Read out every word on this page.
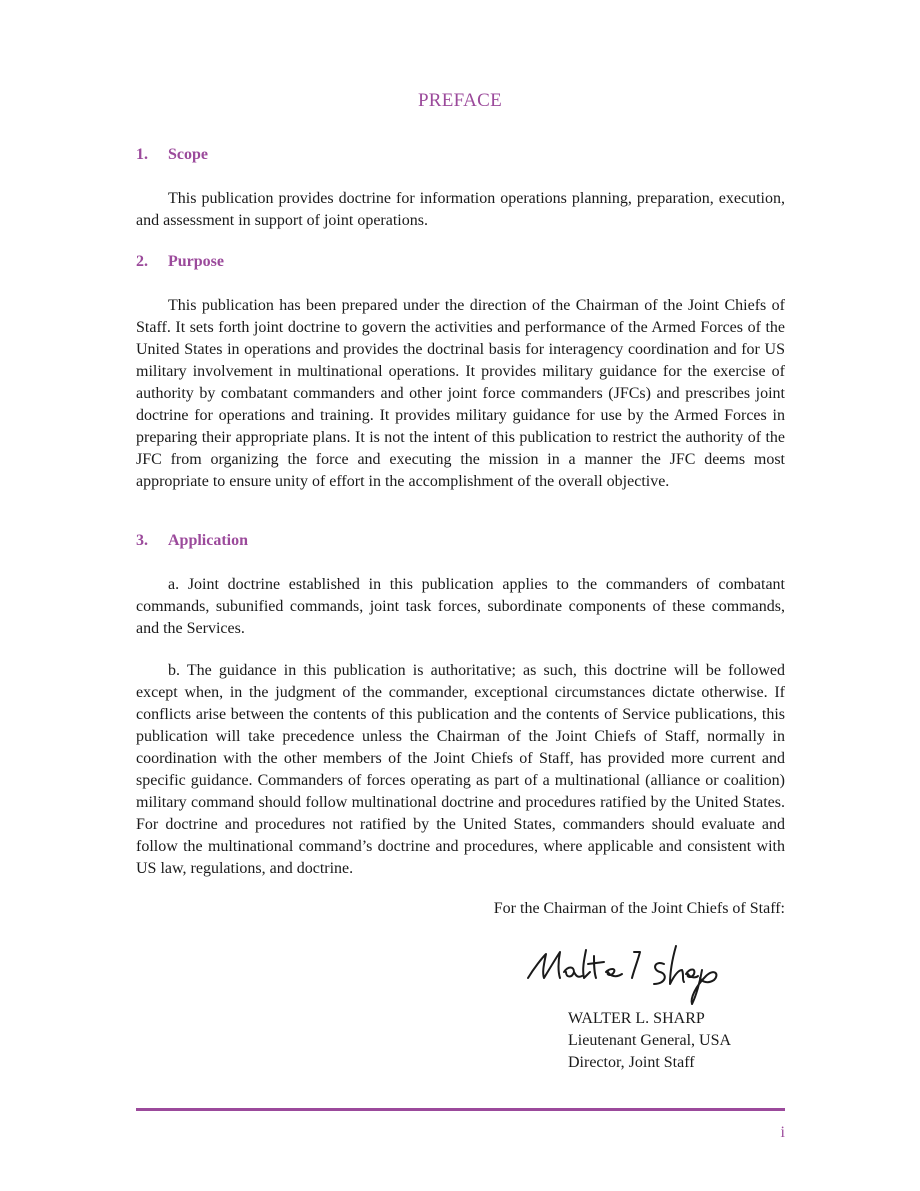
PREFACE
1. Scope
This publication provides doctrine for information operations planning, preparation, execution, and assessment in support of joint operations.
2. Purpose
This publication has been prepared under the direction of the Chairman of the Joint Chiefs of Staff. It sets forth joint doctrine to govern the activities and performance of the Armed Forces of the United States in operations and provides the doctrinal basis for interagency coordination and for US military involvement in multinational operations. It provides military guidance for the exercise of authority by combatant commanders and other joint force commanders (JFCs) and prescribes joint doctrine for operations and training. It provides military guidance for use by the Armed Forces in preparing their appropriate plans. It is not the intent of this publication to restrict the authority of the JFC from organizing the force and executing the mission in a manner the JFC deems most appropriate to ensure unity of effort in the accomplishment of the overall objective.
3. Application
a. Joint doctrine established in this publication applies to the commanders of combatant commands, subunified commands, joint task forces, subordinate components of these commands, and the Services.
b. The guidance in this publication is authoritative; as such, this doctrine will be followed except when, in the judgment of the commander, exceptional circumstances dictate otherwise. If conflicts arise between the contents of this publication and the contents of Service publications, this publication will take precedence unless the Chairman of the Joint Chiefs of Staff, normally in coordination with the other members of the Joint Chiefs of Staff, has provided more current and specific guidance. Commanders of forces operating as part of a multinational (alliance or coalition) military command should follow multinational doctrine and procedures ratified by the United States. For doctrine and procedures not ratified by the United States, commanders should evaluate and follow the multinational command’s doctrine and procedures, where applicable and consistent with US law, regulations, and doctrine.
For the Chairman of the Joint Chiefs of Staff:
WALTER L. SHARP
Lieutenant General, USA
Director, Joint Staff
i
